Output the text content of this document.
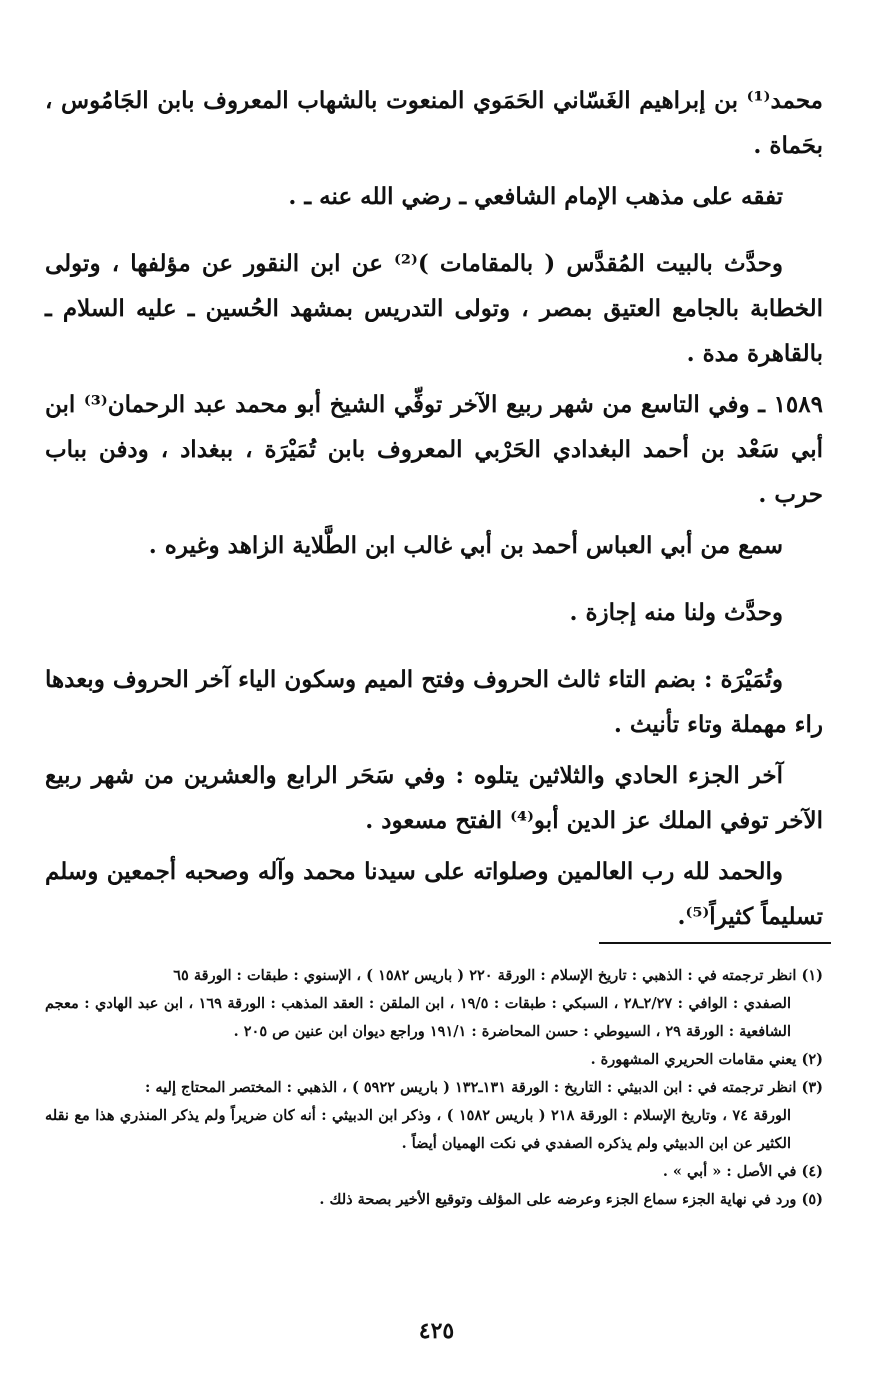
محمد⁽¹⁾ بن إبراهيم الغَسّاني الحَمَوي المنعوت بالشهاب المعروف بابن الجَامُوس ، بحَماة .

تفقه على مذهب الإمام الشافعي ـ رضي الله عنه ـ .

وحدَّث بالبيت المُقدَّس ( بالمقامات )⁽²⁾ عن ابن النقور عن مؤلفها ، وتولى الخطابة بالجامع العتيق بمصر ، وتولى التدريس بمشهد الحُسين ـ عليه السلام ـ بالقاهرة مدة .

١٥٨٩ ـ وفي التاسع من شهر ربيع الآخر توفِّي الشيخ أبو محمد عبد الرحمان⁽³⁾ ابن أبي سَعْد بن أحمد البغدادي الحَرْبي المعروف بابن تُمَيْرَة ، ببغداد ، ودفن بباب حرب .

سمع من أبي العباس أحمد بن أبي غالب ابن الطَّلاية الزاهد وغيره .

وحدَّث ولنا منه إجازة .

وتُمَيْرَة : بضم التاء ثالث الحروف وفتح الميم وسكون الياء آخر الحروف وبعدها راء مهملة وتاء تأنيث .

آخر الجزء الحادي والثلاثين يتلوه : وفي سَحَر الرابع والعشرين من شهر ربيع الآخر توفي الملك عز الدين أبو⁽⁴⁾ الفتح مسعود .

والحمد لله رب العالمين وصلواته على سيدنا محمد وآله وصحبه أجمعين وسلم تسليماً كثيراً⁽⁵⁾.

(١) انظر ترجمته في : الذهبي : تاريخ الإسلام : الورقة ٢٢٠ ( باريس ١٥٨٢ ) ، الإسنوي : طبقات : الورقة ٦٥
الصفدي : الوافي : ٢/٢٧ـ٢٨ ، السبكي : طبقات : ١٩/٥ ، ابن الملقن : العقد المذهب : الورقة ١٦٩ ، ابن عبد الهادي : معجم الشافعية : الورقة ٢٩ ، السيوطي : حسن المحاضرة : ١٩١/١ وراجع ديوان ابن عنين ص ٢٠٥ .

(٢) يعني مقامات الحريري المشهورة .

(٣) انظر ترجمته في : ابن الدبيثي : التاريخ : الورقة ١٣١ـ١٣٢ ( باريس ٥٩٢٢ ) ، الذهبي : المختصر المحتاج إليه :
الورقة ٧٤ ، وتاريخ الإسلام : الورقة ٢١٨ ( باريس ١٥٨٢ ) ، وذكر ابن الدبيثي : أنه كان ضريراً ولم يذكر المنذري هذا مع نقله الكثير عن ابن الدبيثي ولم يذكره الصفدي في نكت الهميان أيضاً .

(٤) في الأصل : « أبي » .

(٥) ورد في نهاية الجزء سماع الجزء وعرضه على المؤلف وتوقيع الأخير بصحة ذلك .

٤٢٥
